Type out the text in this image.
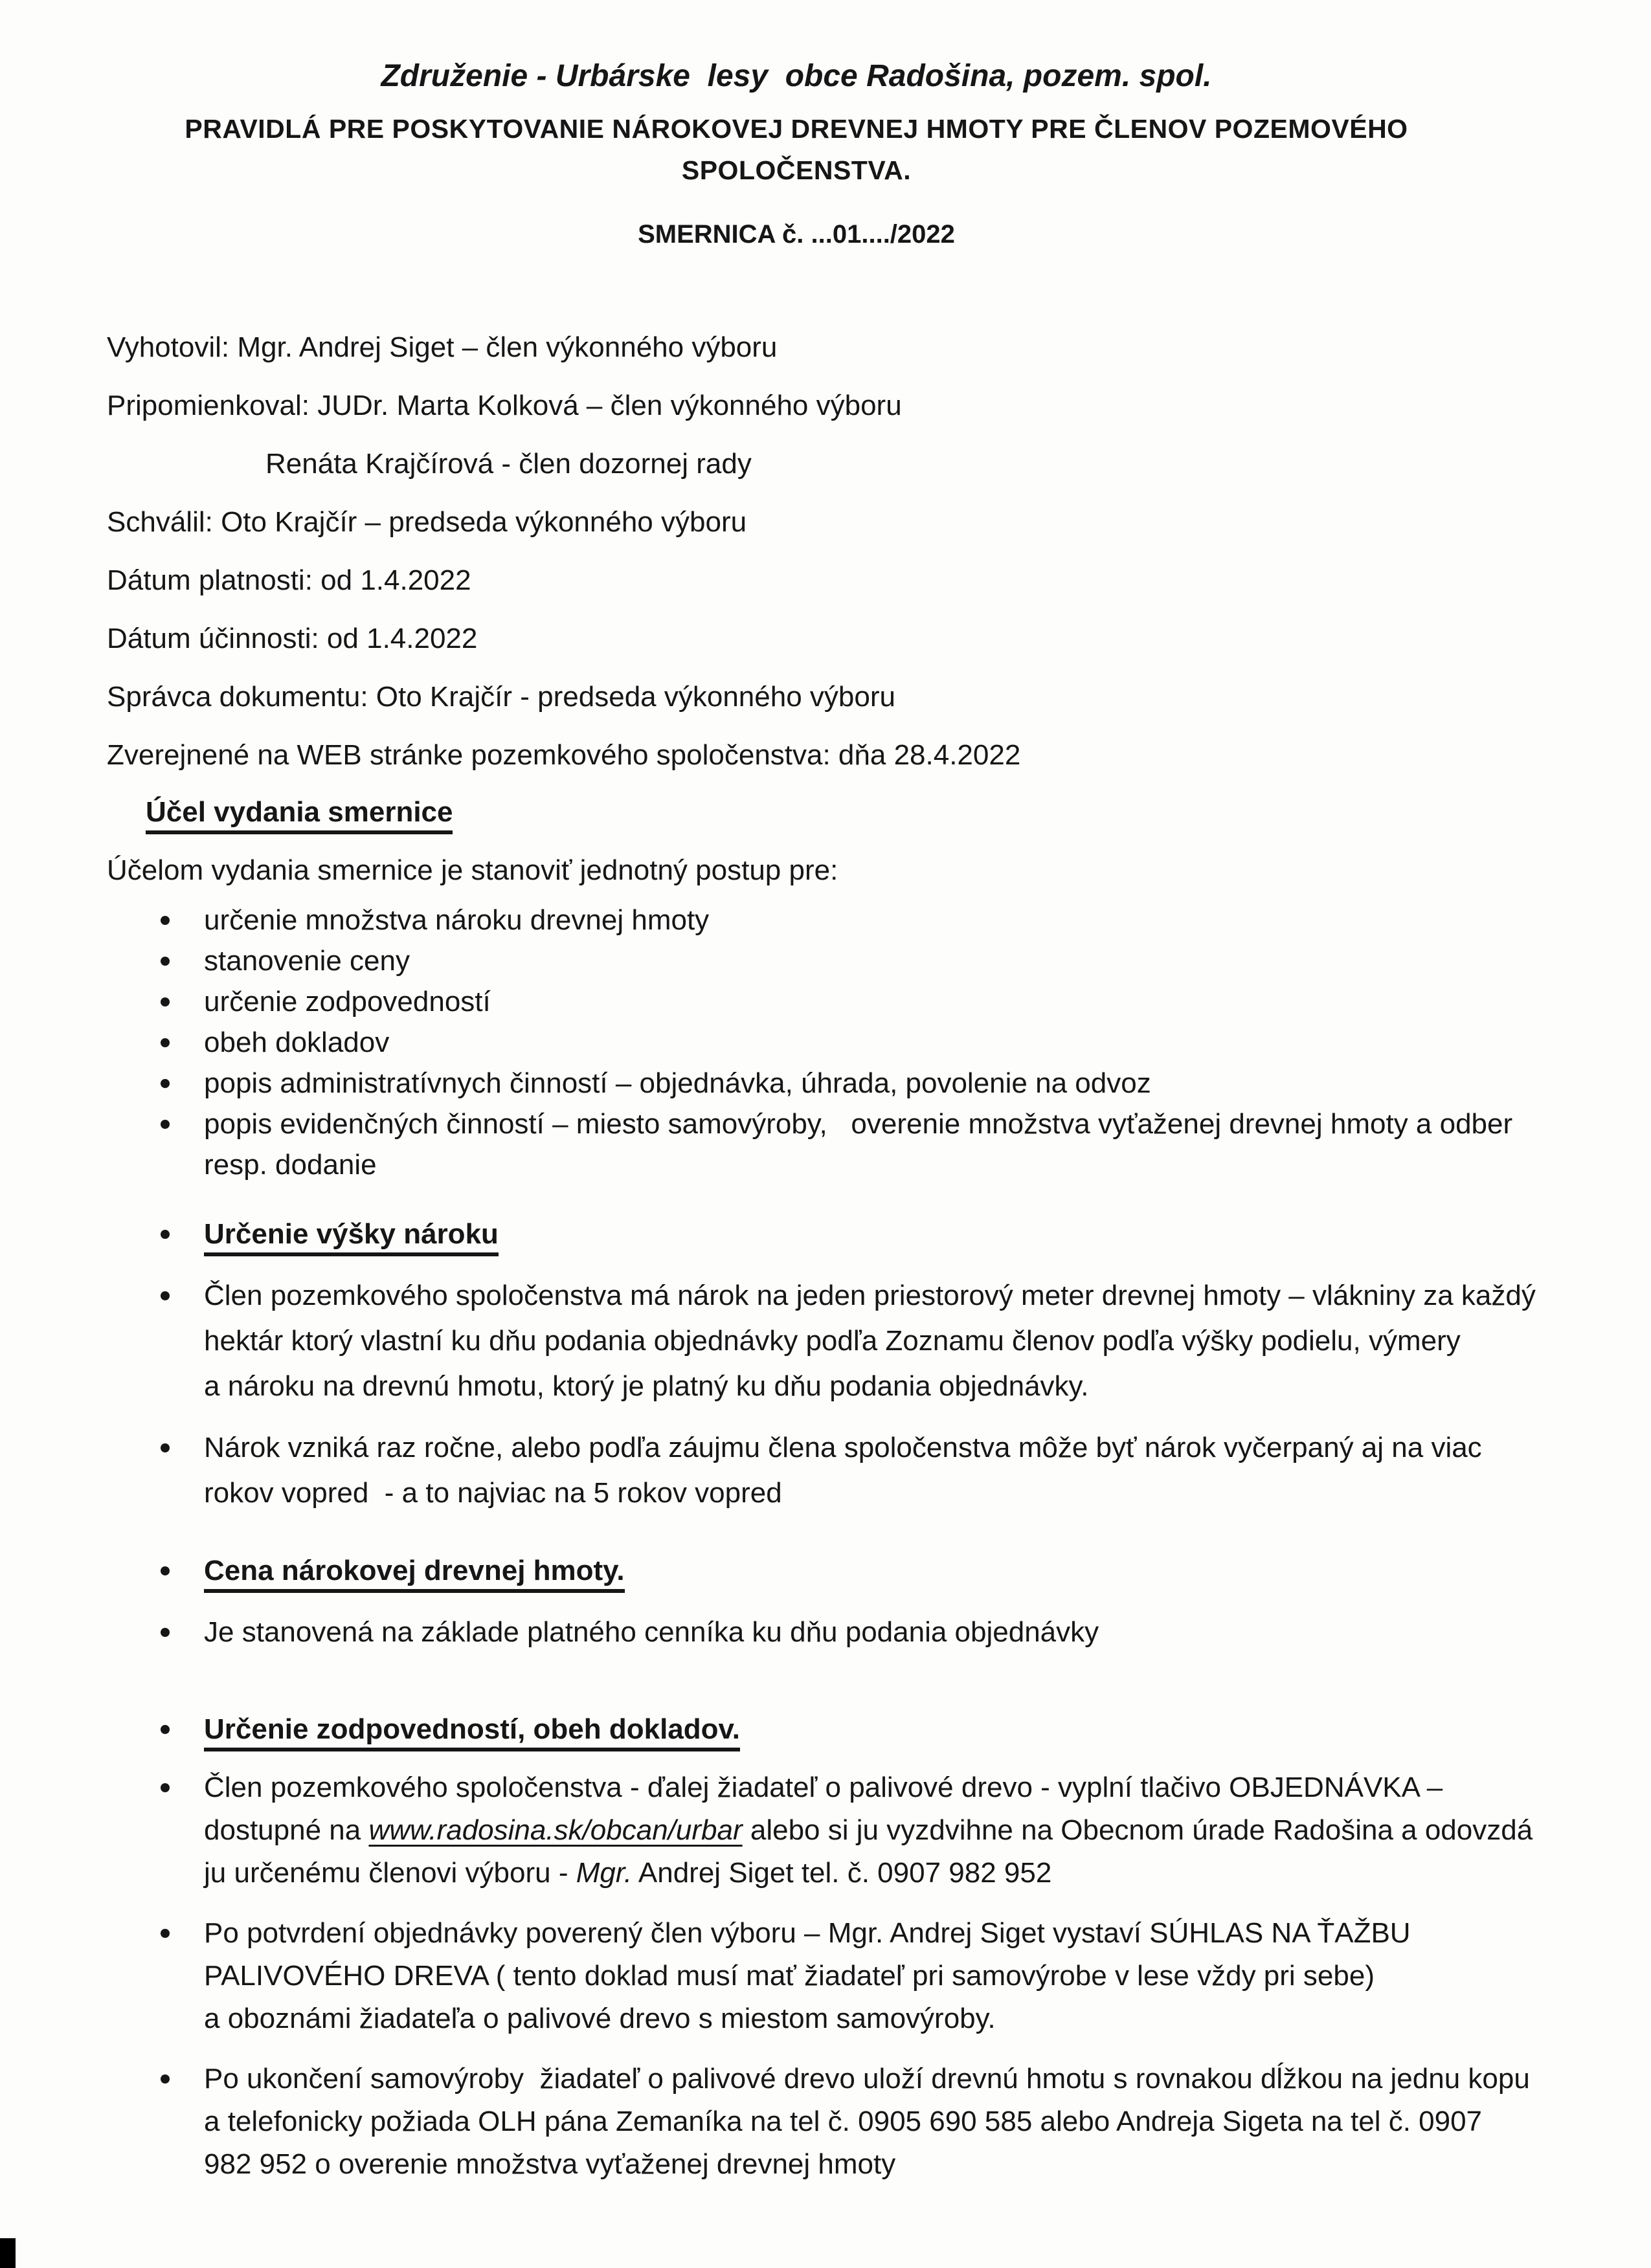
Združenie - Urbárske  lesy  obce Radošina, pozem. spol.
PRAVIDLÁ PRE POSKYTOVANIE NÁROKOVEJ DREVNEJ HMOTY PRE ČLENOV POZEMOVÉHO
SPOLOČENSTVA.
SMERNICA č. ...01..../2022
Vyhotovil: Mgr. Andrej Siget – člen výkonného výboru
Pripomienkoval: JUDr. Marta Kolková – člen výkonného výboru
Renáta Krajčírová - člen dozornej rady
Schválil: Oto Krajčír – predseda výkonného výboru
Dátum platnosti: od 1.4.2022
Dátum účinnosti: od 1.4.2022
Správca dokumentu: Oto Krajčír - predseda výkonného výboru
Zverejnené na WEB stránke pozemkového spoločenstva: dňa 28.4.2022
Účel vydania smernice
Účelom vydania smernice je stanoviť jednotný postup pre:
určenie množstva nároku drevnej hmoty
stanovenie ceny
určenie zodpovedností
obeh dokladov
popis administratívnych činností – objednávka, úhrada, povolenie na odvoz
popis evidenčných činností – miesto samovýroby,   overenie množstva vyťaženej drevnej hmoty a odber
resp. dodanie
Určenie výšky nároku
Člen pozemkového spoločenstva má nárok na jeden priestorový meter drevnej hmoty – vlákniny za každý
hektár ktorý vlastní ku dňu podania objednávky podľa Zoznamu členov podľa výšky podielu, výmery
a nároku na drevnú hmotu, ktorý je platný ku dňu podania objednávky.
Nárok vzniká raz ročne, alebo podľa záujmu člena spoločenstva môže byť nárok vyčerpaný aj na viac
rokov vopred  - a to najviac na 5 rokov vopred
Cena nárokovej drevnej hmoty.
Je stanovená na základe platného cenníka ku dňu podania objednávky
Určenie zodpovedností, obeh dokladov.
Člen pozemkového spoločenstva - ďalej žiadateľ o palivové drevo - vyplní tlačivo OBJEDNÁVKA –
dostupné na www.radosina.sk/obcan/urbar alebo si ju vyzdvihne na Obecnom úrade Radošina a odovzdá
ju určenému členovi výboru - Mgr. Andrej Siget tel. č. 0907 982 952
Po potvrdení objednávky poverený člen výboru – Mgr. Andrej Siget vystaví SÚHLAS NA ŤAŽBU
PALIVOVÉHO DREVA ( tento doklad musí mať žiadateľ pri samovýrobe v lese vždy pri sebe)
a oboznámi žiadateľa o palivové drevo s miestom samovýroby.
Po ukončení samovýroby  žiadateľ o palivové drevo uloží drevnú hmotu s rovnakou dĺžkou na jednu kopu
a telefonicky požiada OLH pána Zemaníka na tel č. 0905 690 585 alebo Andreja Sigeta na tel č. 0907
982 952 o overenie množstva vyťaženej drevnej hmoty
